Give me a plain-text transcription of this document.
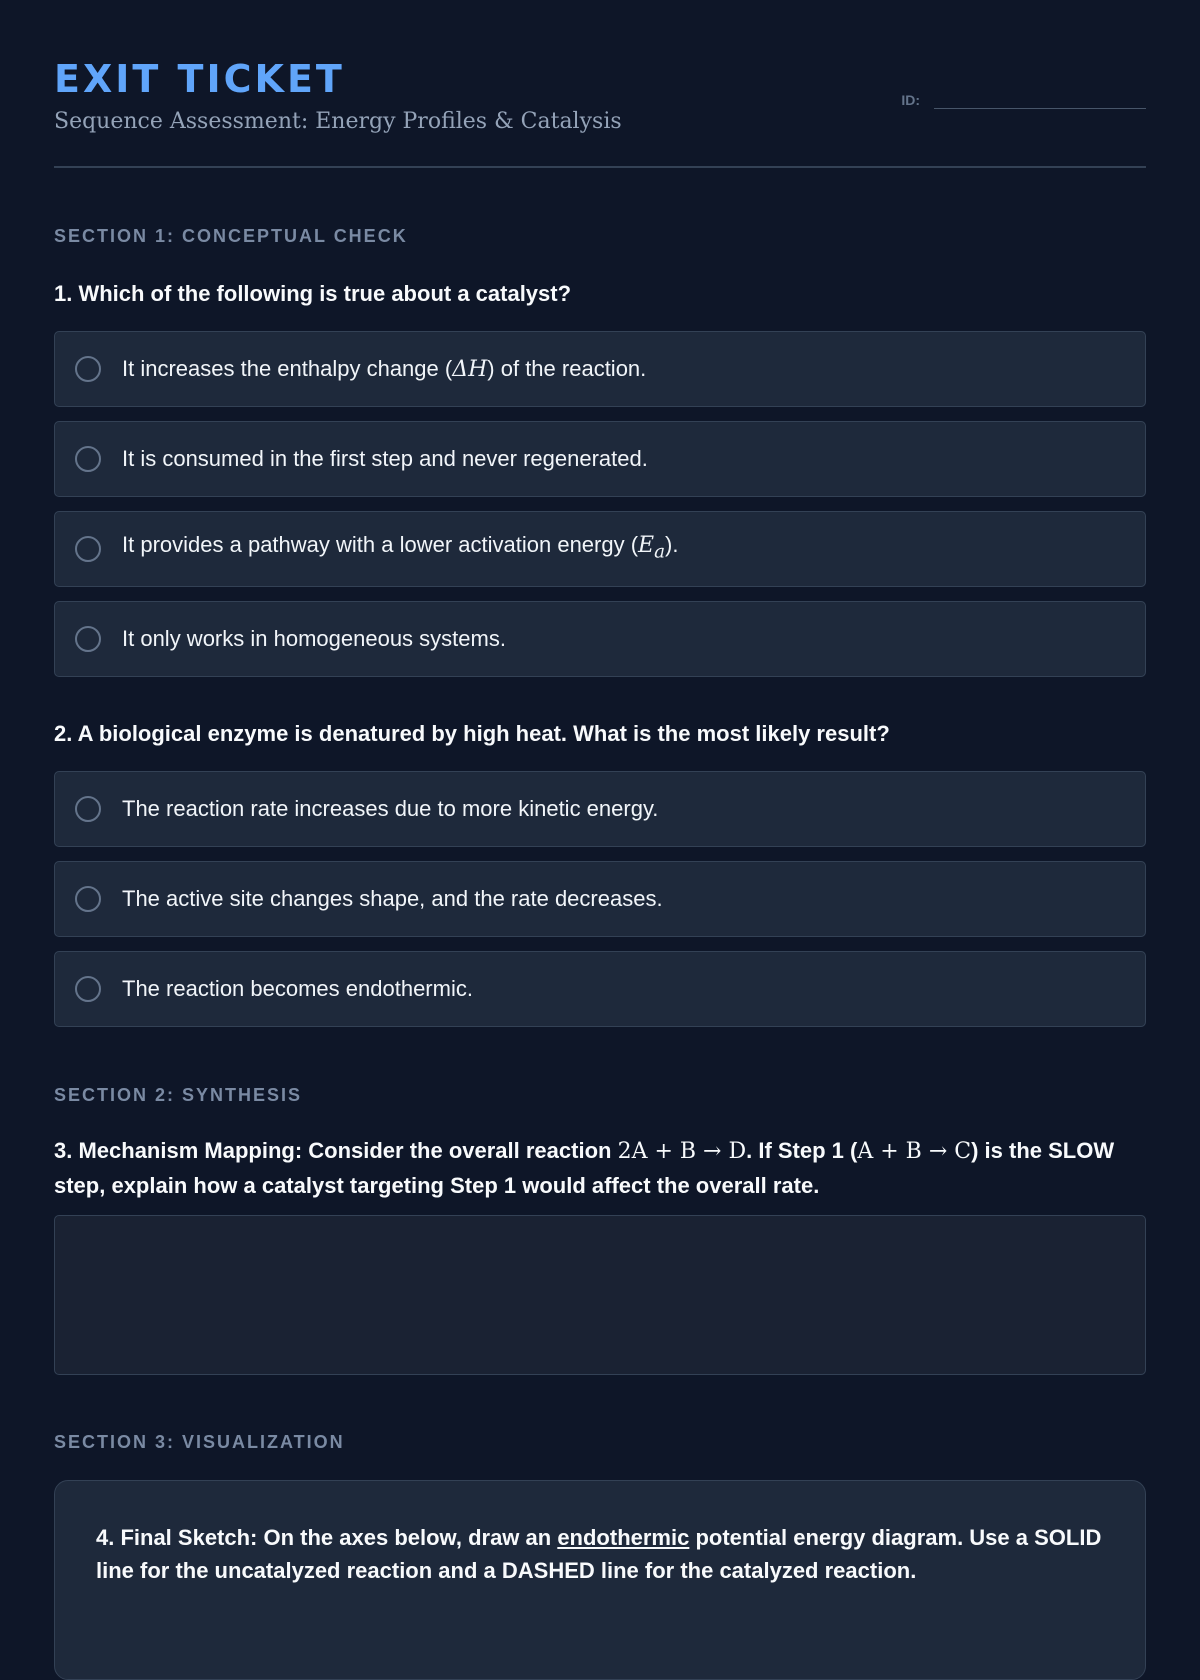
EXIT TICKET

Sequence Assessment: Energy Profiles & Catalysis

ID:
SECTION 1: CONCEPTUAL CHECK

1. Which of the following is true about a catalyst?

It increases the enthalpy change (ΔH) of the reaction.
It is consumed in the first step and never regenerated.
It provides a pathway with a lower activation energy $(E_a)$.
It only works in homogeneous systems.

2. A biological enzyme is denatured by high heat. What is the most likely result?

The reaction rate increases due to more kinetic energy.
The active site changes shape, and the rate decreases.
The reaction becomes endothermic.
SECTION 2: SYNTHESIS

3. Mechanism Mapping: Consider the overall reaction 2A + B → D. If Step 1 (A + B → C) is the SLOW step, explain how a catalyst targeting Step 1 would affect the overall rate.

SECTION 3: VISUALIZATION

4. Final Sketch: On the axes below, draw an endothermic potential energy diagram. Use a SOLID line for the uncatalyzed reaction and a DASHED line for the catalyzed reaction.
